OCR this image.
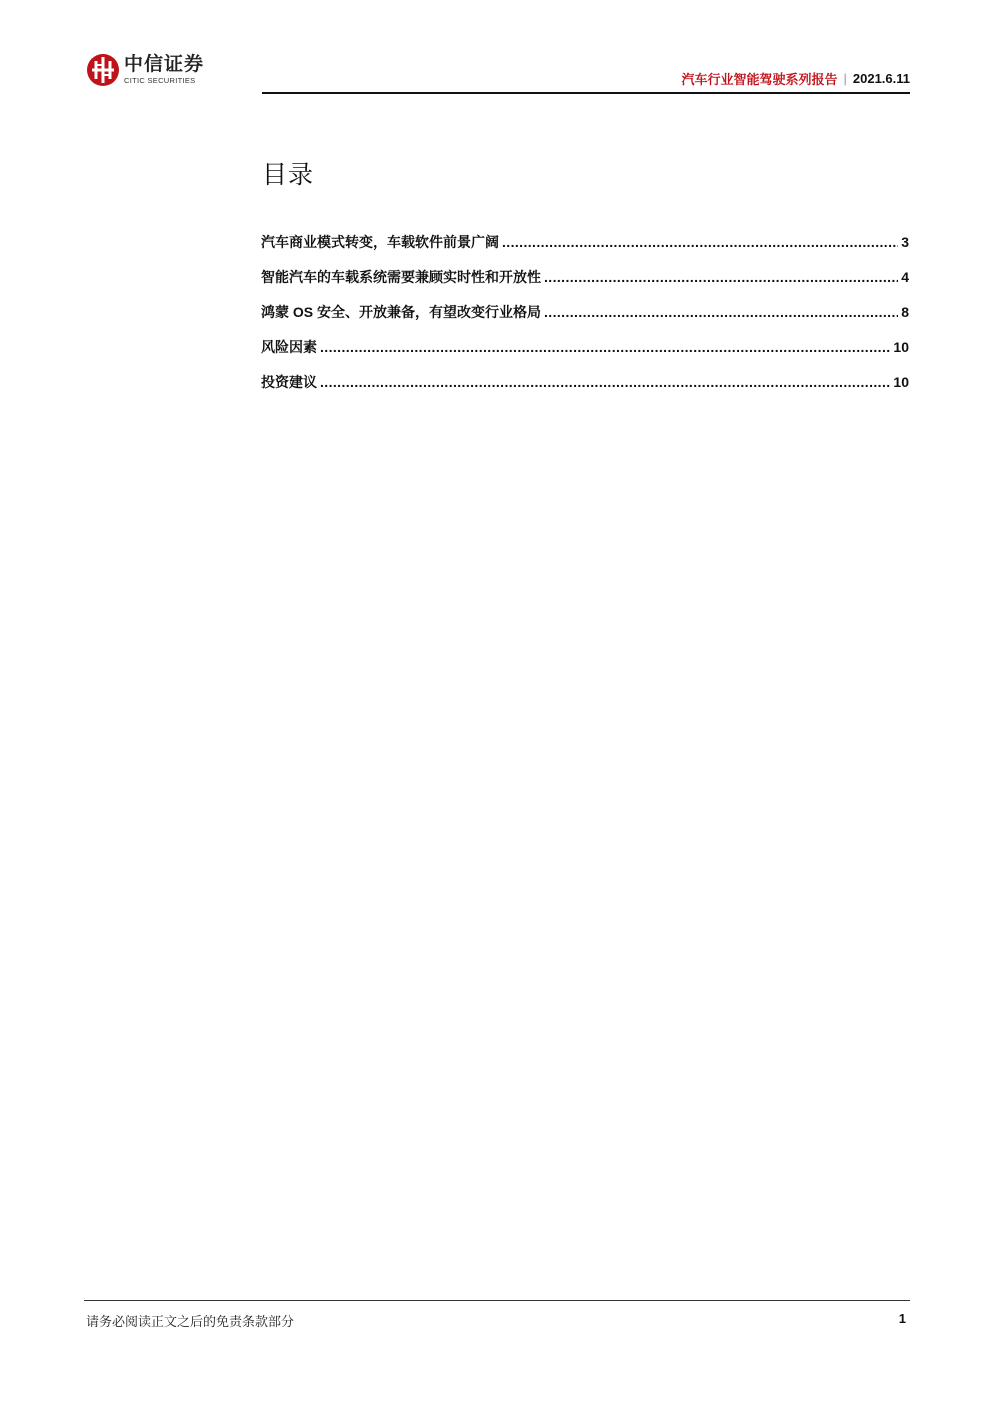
中信证券
CITIC SECURITIES	汽车行业智能驾驶系列报告 | 2021.6.11
目录
汽车商业模式转变，车载软件前景广阔 .....	3
智能汽车的车载系统需要兼顾实时性和开放性 .....	4
鸿蒙 OS 安全、开放兼备，有望改变行业格局 .....	8
风险因素 .....	10
投资建议 .....	10
请务必阅读正文之后的免责条款部分	1
